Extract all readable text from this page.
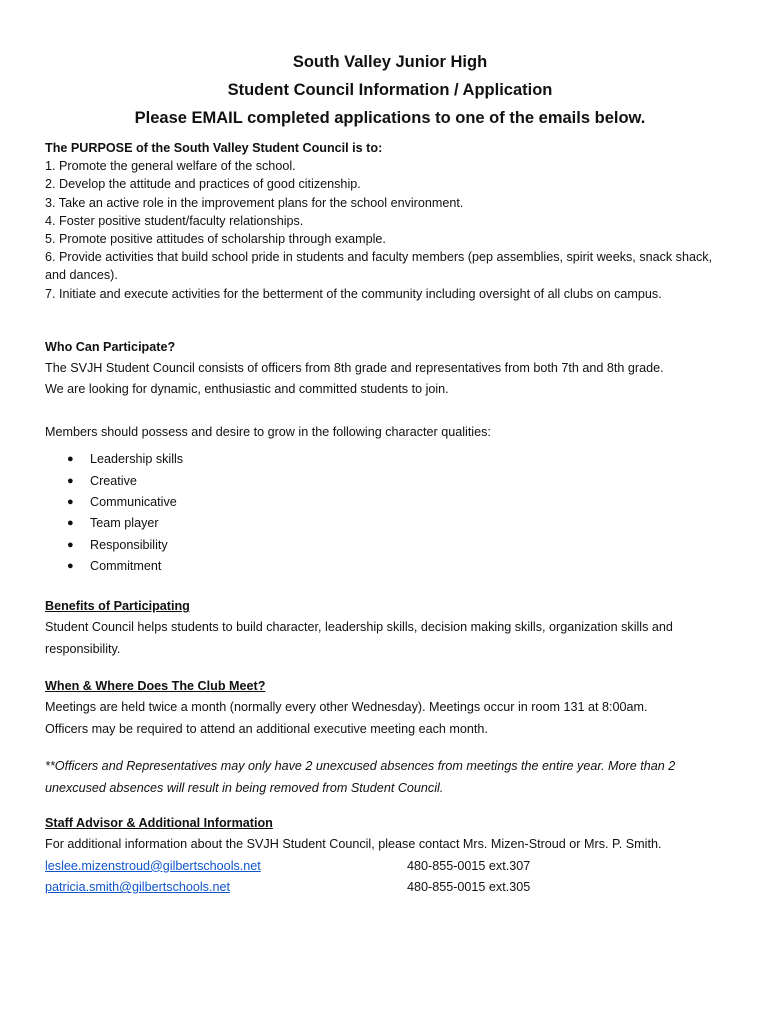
South Valley Junior High

Student Council Information / Application

Please EMAIL completed applications to one of the emails below.

The PURPOSE of the South Valley Student Council is to:

1. Promote the general welfare of the school.

2. Develop the attitude and practices of good citizenship.

3. Take an active role in the improvement plans for the school environment.

4. Foster positive student/faculty relationships.

5. Promote positive attitudes of scholarship through example.

6. Provide activities that build school pride in students and faculty members (pep assemblies, spirit weeks, snack shack, and dances).

7. Initiate and execute activities for the betterment of the community including oversight of all clubs on campus.

Who Can Participate?

The SVJH Student Council consists of officers from 8th grade and representatives from both 7th and 8th grade.

We are looking for dynamic, enthusiastic and committed students to join.

Members should possess and desire to grow in the following character qualities:

● Leadership skills
● Creative
● Communicative
● Team player
● Responsibility
● Commitment

Benefits of Participating

Student Council helps students to build character, leadership skills, decision making skills, organization skills and responsibility.

When & Where Does The Club Meet?

Meetings are held twice a month (normally every other Wednesday). Meetings occur in room 131 at 8:00am.

Officers may be required to attend an additional executive meeting each month.

**Officers and Representatives may only have 2 unexcused absences from meetings the entire year. More than 2 unexcused absences will result in being removed from Student Council.

Staff Advisor & Additional Information

For additional information about the SVJH Student Council, please contact Mrs. Mizen-Stroud or Mrs. P. Smith.

leslee.mizenstroud@gilbertschools.net	480-855-0015 ext.307
patricia.smith@gilbertschools.net	480-855-0015 ext.305
